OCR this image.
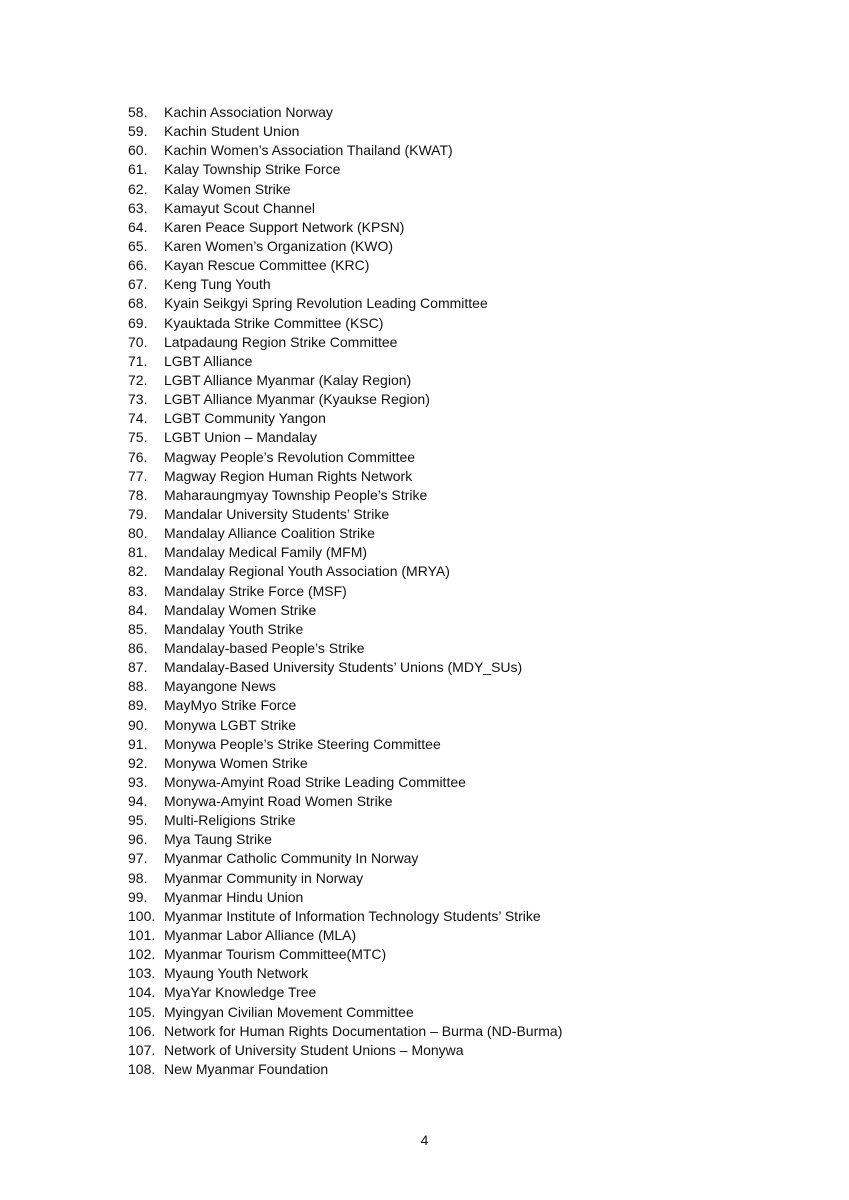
58.	Kachin Association Norway
59.	Kachin Student Union
60.	Kachin Women’s Association Thailand (KWAT)
61.	Kalay Township Strike Force
62.	Kalay Women Strike
63.	Kamayut Scout Channel
64.	Karen Peace Support Network (KPSN)
65.	Karen Women’s Organization (KWO)
66.	Kayan Rescue Committee (KRC)
67.	Keng Tung Youth
68.	Kyain Seikgyi Spring Revolution Leading Committee
69.	Kyauktada Strike Committee (KSC)
70.	Latpadaung Region Strike Committee
71.	LGBT Alliance
72.	LGBT Alliance Myanmar (Kalay Region)
73.	LGBT Alliance Myanmar (Kyaukse Region)
74.	LGBT Community Yangon
75.	LGBT Union – Mandalay
76.	Magway People’s Revolution Committee
77.	Magway Region Human Rights Network
78.	Maharaungmyay Township People’s Strike
79.	Mandalar University Students’ Strike
80.	Mandalay Alliance Coalition Strike
81.	Mandalay Medical Family (MFM)
82.	Mandalay Regional Youth Association (MRYA)
83.	Mandalay Strike Force (MSF)
84.	Mandalay Women Strike
85.	Mandalay Youth Strike
86.	Mandalay-based People’s Strike
87.	Mandalay-Based University Students’ Unions (MDY_SUs)
88.	Mayangone News
89.	MayMyo Strike Force
90.	Monywa LGBT Strike
91.	Monywa People’s Strike Steering Committee
92.	Monywa Women Strike
93.	Monywa-Amyint Road Strike Leading Committee
94.	Monywa-Amyint Road Women Strike
95.	Multi-Religions Strike
96.	Mya Taung Strike
97.	Myanmar Catholic Community In Norway
98.	Myanmar Community in Norway
99.	Myanmar Hindu Union
100. Myanmar Institute of Information Technology Students’ Strike
101. Myanmar Labor Alliance (MLA)
102. Myanmar Tourism Committee(MTC)
103. Myaung Youth Network
104. MyaYar Knowledge Tree
105. Myingyan Civilian Movement Committee
106. Network for Human Rights Documentation – Burma (ND-Burma)
107. Network of University Student Unions – Monywa
108. New Myanmar Foundation
4
